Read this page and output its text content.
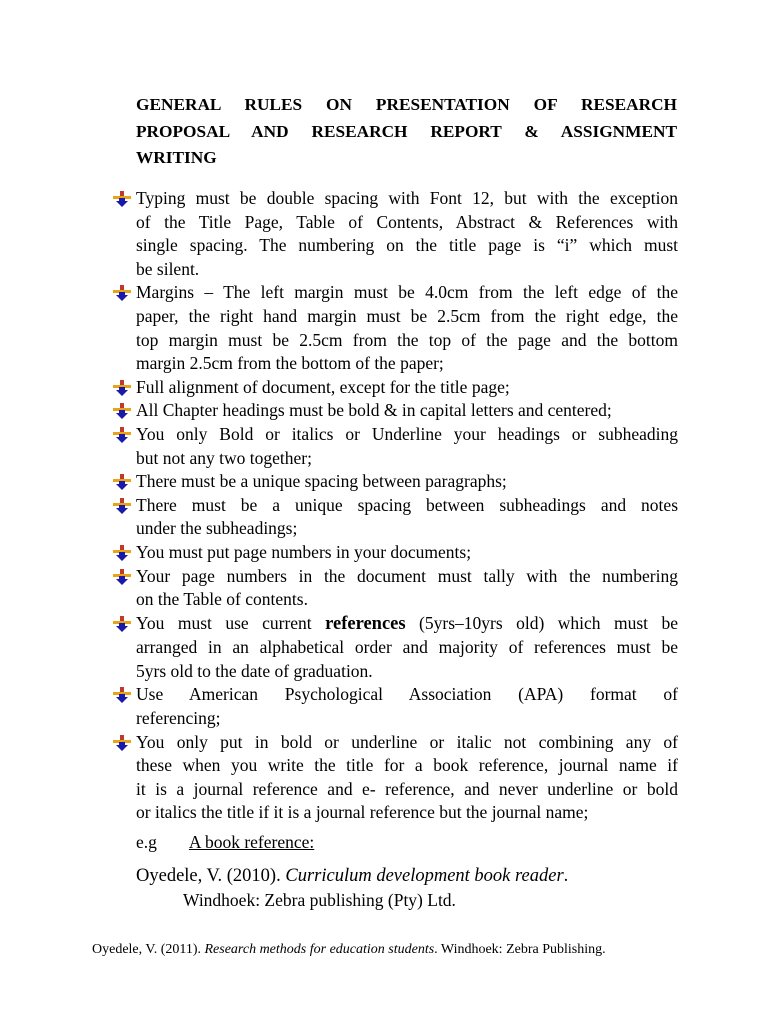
GENERAL RULES ON PRESENTATION OF RESEARCH
PROPOSAL AND RESEARCH REPORT & ASSIGNMENT
WRITING
Typing must be double spacing with Font 12, but with the exception
of the Title Page, Table of Contents, Abstract & References with
single spacing. The numbering on the title page is “i” which must
be silent.
Margins – The left margin must be 4.0cm from the left edge of the
paper, the right hand margin must be 2.5cm from the right edge, the
top margin must be 2.5cm from the top of the page and the bottom
margin 2.5cm from the bottom of the paper;
Full alignment of document, except for the title page;
All Chapter headings must be bold & in capital letters and centered;
You only Bold or italics or Underline your headings or subheading
but not any two together;
There must be a unique spacing between paragraphs;
There must be a unique spacing between subheadings and notes
under the subheadings;
You must put page numbers in your documents;
Your page numbers in the document must tally with the numbering
on the Table of contents.
You must use current references (5yrs–10yrs old) which must be
arranged in an alphabetical order and majority of references must be
5yrs old to the date of graduation.
Use American Psychological Association (APA) format of
referencing;
You only put in bold or underline or italic not combining any of
these when you write the title for a book reference, journal name if
it is a journal reference and e- reference, and never underline or bold
or italics the title if it is a journal reference but the journal name;
e.g A book reference:
Oyedele, V. (2010). Curriculum development book reader.
Windhoek: Zebra publishing (Pty) Ltd.
Oyedele, V. (2011). Research methods for education students. Windhoek: Zebra Publishing.
